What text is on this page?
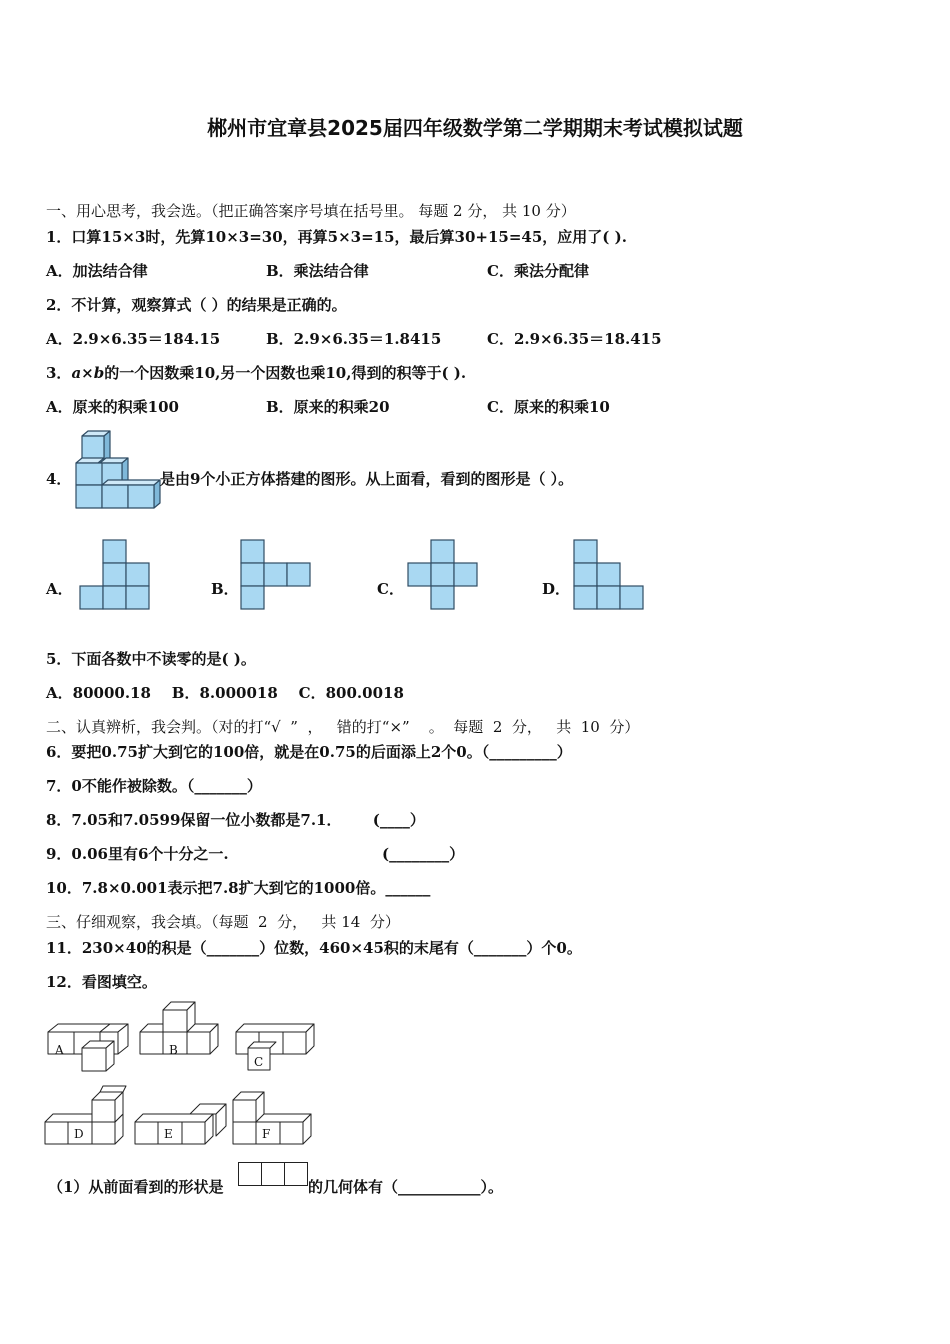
郴州市宜章县2025届四年级数学第二学期期末考试模拟试题
一、用心思考，我会选。（把正确答案序号填在括号里。 每题 2 分， 共 10 分）
1．口算15×3时，先算10×3=30，再算5×3=15，最后算30+15=45，应用了( ).
A．加法结合律	B．乘法结合律	C．乘法分配律
2．不计算，观察算式（ ）的结果是正确的。
A．2.9×6.35＝184.15	B．2.9×6.35＝1.8415	C．2.9×6.35＝18.415
3．a×b的一个因数乘10,另一个因数也乘10,得到的积等于( ).
A．原来的积乘100	B．原来的积乘20	C．原来的积乘10
4．	是由9个小正方体搭建的图形。从上面看，看到的图形是（ ）。
A．	B．	C．	D．
5．下面各数中不读零的是( )。
A．80000.18    B．8.000018    C．800.0018
二、认真辨析，我会判。（对的打“√  ”  ，   错的打“×”    。  每题  2  分，   共  10  分）
6．要把0.75扩大到它的100倍，就是在0.75的后面添上2个0。（_________）
7．0不能作被除数。（_______）
8．7.05和7.0599保留一位小数都是7.1．      (____）
9．0.06里有6个十分之一.	(________）
10．7.8×0.001表示把7.8扩大到它的1000倍。______
三、仔细观察，我会填。（每题  2  分，   共 14  分）
11．230×40的积是（_______）位数，460×45积的末尾有（_______）个0。
12．看图填空。
A	B
C
D	E	F
（1）从前面看到的形状是	的几何体有（___________）。
